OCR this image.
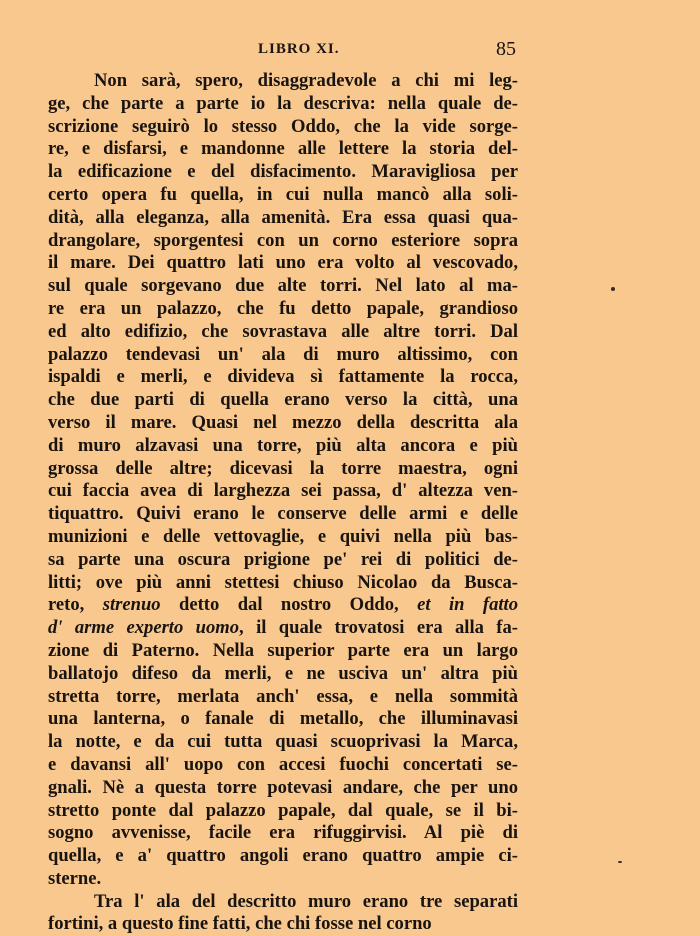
LIBRO XI.	85
Non sarà, spero, disaggradevole a chi mi leg-
ge, che parte a parte io la descriva: nella quale de-
scrizione seguirò lo stesso Oddo, che la vide sorge-
re, e disfarsi, e mandonne alle lettere la storia del-
la edificazione e del disfacimento. Maravigliosa per
certo opera fu quella, in cui nulla mancò alla soli-
dità, alla eleganza, alla amenità. Era essa quasi qua-
drangolare, sporgentesi con un corno esteriore sopra
il mare. Dei quattro lati uno era volto al vescovado,
sul quale sorgevano due alte torri. Nel lato al ma-
re era un palazzo, che fu detto papale, grandioso
ed alto edifizio, che sovrastava alle altre torri. Dal
palazzo tendevasi un' ala di muro altissimo, con
ispaldi e merli, e divideva sì fattamente la rocca,
che due parti di quella erano verso la città, una
verso il mare. Quasi nel mezzo della descritta ala
di muro alzavasi una torre, più alta ancora e più
grossa delle altre; dicevasi la torre maestra, ogni
cui faccia avea di larghezza sei passa, d' altezza ven-
tiquattro. Quivi erano le conserve delle armi e delle
munizioni e delle vettovaglie, e quivi nella più bas-
sa parte una oscura prigione pe' rei di politici de-
litti; ove più anni stettesi chiuso Nicolao da Busca-
reto, strenuo detto dal nostro Oddo, et in fatto
d' arme experto uomo, il quale trovatosi era alla fa-
zione di Paterno. Nella superior parte era un largo
ballatojo difeso da merli, e ne usciva un' altra più
stretta torre, merlata anch' essa, e nella sommità
una lanterna, o fanale di metallo, che illuminavasi
la notte, e da cui tutta quasi scuoprivasi la Marca,
e davansi all' uopo con accesi fuochi concertati se-
gnali. Nè a questa torre potevasi andare, che per uno
stretto ponte dal palazzo papale, dal quale, se il bi-
sogno avvenisse, facile era rifuggirvisi. Al piè di
quella, e a' quattro angoli erano quattro ampie ci-
sterne.
Tra l' ala del descritto muro erano tre separati
fortini, a questo fine fatti, che chi fosse nel corno
